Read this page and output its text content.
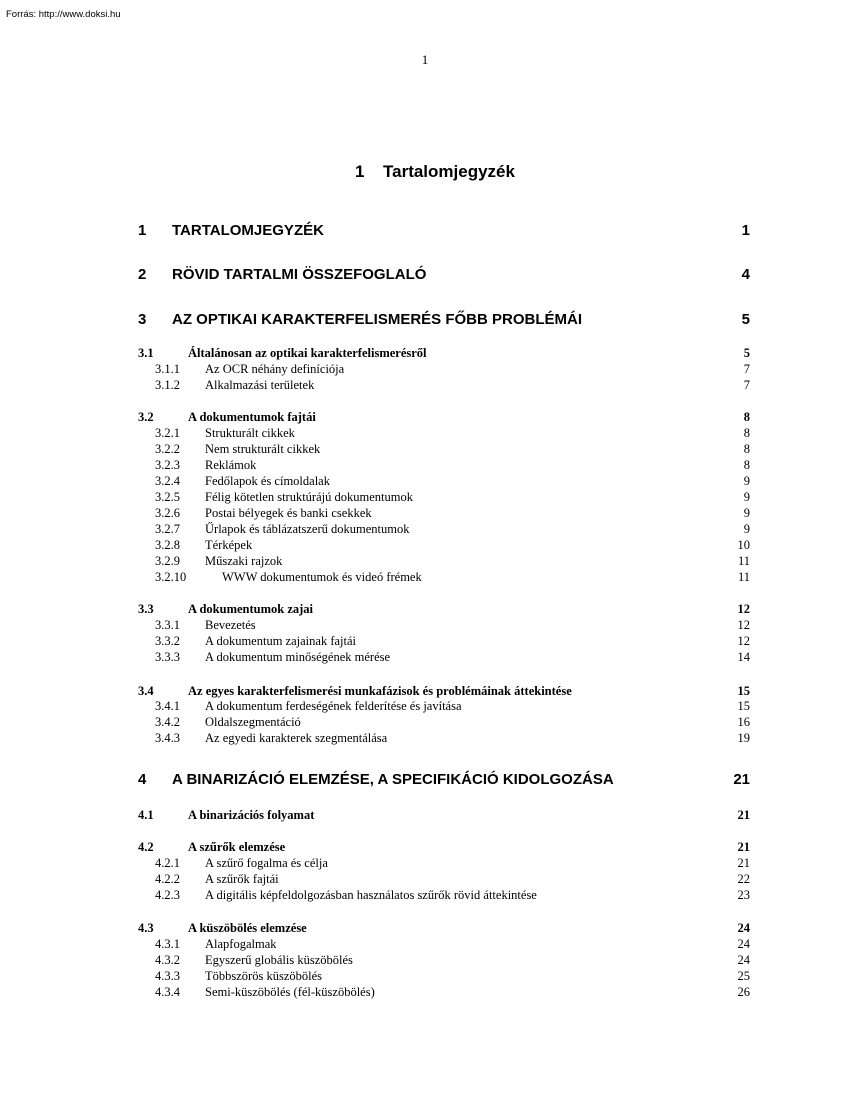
Forrás: http://www.doksi.hu
1
1 Tartalomjegyzék
1 TARTALOMJEGYZÉK	1
2 RÖVID TARTALMI ÖSSZEFOGLALÓ	4
3 AZ OPTIKAI KARAKTERFELISMERÉS FŐBB PROBLÉMÁI	5
3.1	Általánosan az optikai karakterfelismerésről	5
3.1.1 Az OCR néhány definíciója	7
3.1.2 Alkalmazási területek	7
3.2	A dokumentumok fajtái	8
3.2.1 Strukturált cikkek	8
3.2.2 Nem strukturált cikkek	8
3.2.3 Reklámok	8
3.2.4 Fedőlapok és címoldalak	9
3.2.5 Félig kötetlen struktúrájú dokumentumok	9
3.2.6 Postai bélyegek és banki csekkek	9
3.2.7 Űrlapok és táblázatszerű dokumentumok	9
3.2.8 Térképek	10
3.2.9 Műszaki rajzok	11
3.2.10	WWW dokumentumok és videó frémek	11
3.3	A dokumentumok zajai	12
3.3.1 Bevezetés	12
3.3.2 A dokumentum zajainak fajtái	12
3.3.3 A dokumentum minőségének mérése	14
3.4	Az egyes karakterfelismerési munkafázisok és problémáinak áttekintése	15
3.4.1 A dokumentum ferdeségének felderítése és javítása	15
3.4.2 Oldalszegmentáció	16
3.4.3 Az egyedi karakterek szegmentálása	19
4 A BINARIZÁCIÓ ELEMZÉSE, A SPECIFIKÁCIÓ KIDOLGOZÁSA	21
4.1	A binarizációs folyamat	21
4.2	A szűrők elemzése	21
4.2.1 A szűrő fogalma és célja	21
4.2.2 A szűrők fajtái	22
4.2.3 A digitális képfeldolgozásban használatos szűrők rövid áttekintése	23
4.3	A küszöbölés elemzése	24
4.3.1 Alapfogalmak	24
4.3.2 Egyszerű globális küszöbölés	24
4.3.3 Többszörös küszöbölés	25
4.3.4 Semi-küszöbölés (fél-küszöbölés)	26
